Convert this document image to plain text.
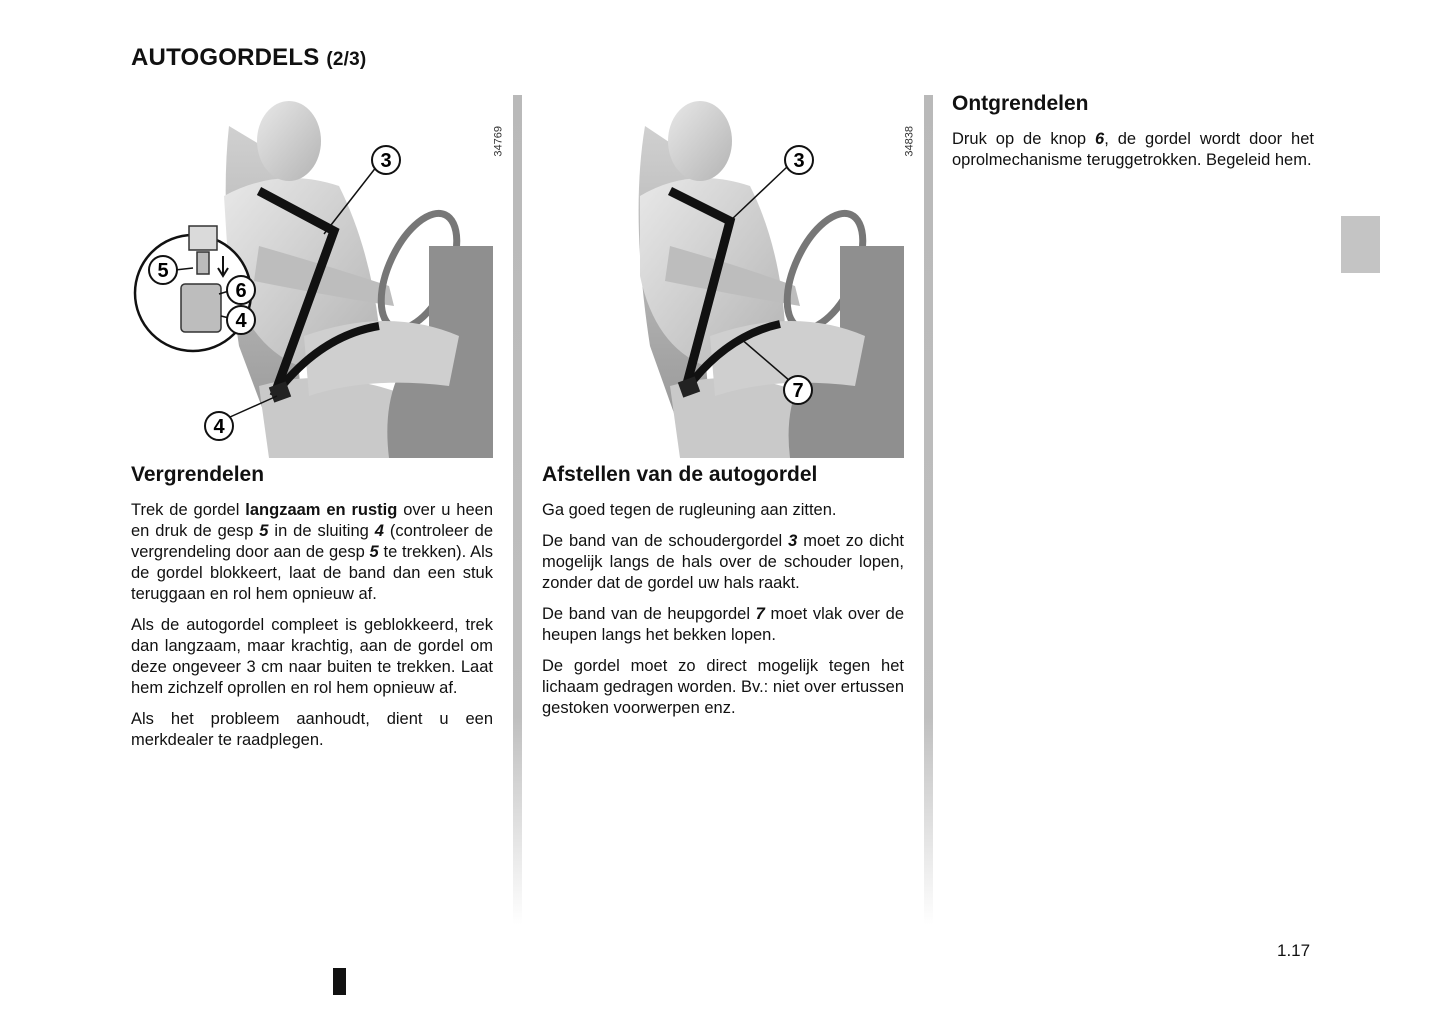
AUTOGORDELS (2/3)
3
5
6
4
4
34769
3
7
34838
Vergrendelen

Trek de gordel langzaam en rustig over u heen en druk de gesp 5 in de sluiting 4 (controleer de vergrendeling door aan de gesp 5 te trekken). Als de gordel blokkeert, laat de band dan een stuk teruggaan en rol hem opnieuw af.

Als de autogordel compleet is geblokkeerd, trek dan langzaam, maar krachtig, aan de gordel om deze ongeveer 3 cm naar buiten te trekken. Laat hem zichzelf oprollen en rol hem opnieuw af.

Als het probleem aanhoudt, dient u een merkdealer te raadplegen.

Afstellen van de autogordel

Ga goed tegen de rugleuning aan zitten.

De band van de schoudergordel 3 moet zo dicht mogelijk langs de hals over de schouder lopen, zonder dat de gordel uw hals raakt.

De band van de heupgordel 7 moet vlak over de heupen langs het bekken lopen.

De gordel moet zo direct mogelijk tegen het lichaam gedragen worden. Bv.: niet over ertussen gestoken voorwerpen enz.

Ontgrendelen

Druk op de knop 6, de gordel wordt door het oprolmechanisme teruggetrokken. Begeleid hem.

1.17
